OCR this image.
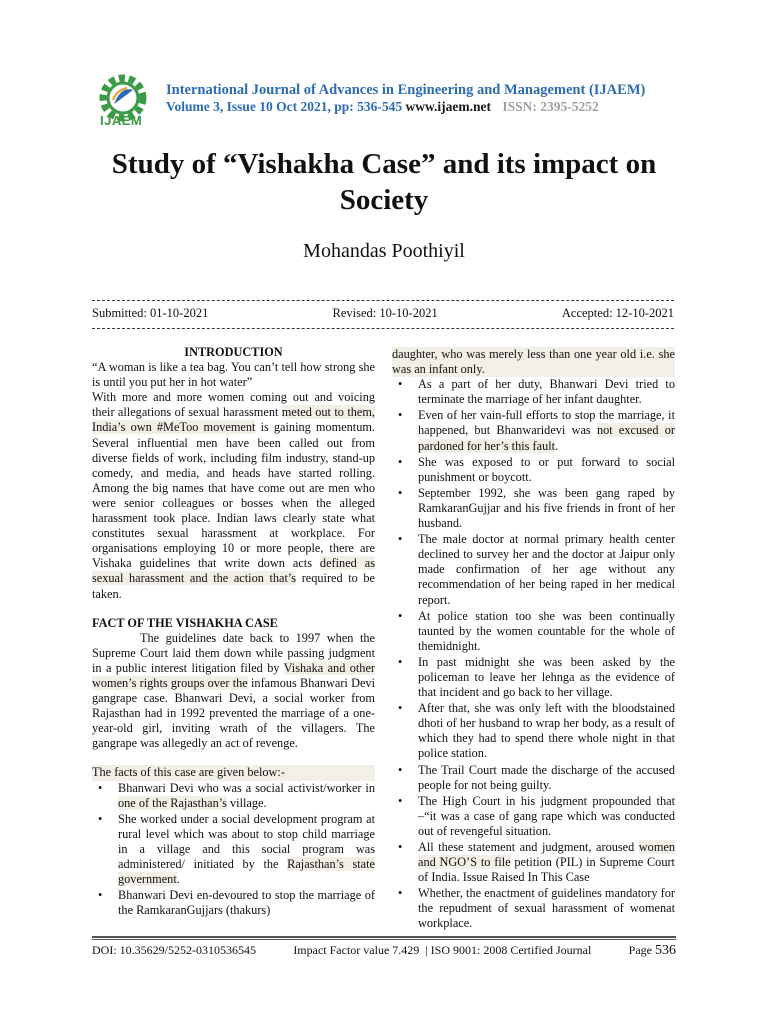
IJAEM
International Journal of Advances in Engineering and Management (IJAEM)
Volume 3, Issue 10 Oct 2021, pp: 536-545 www.ijaem.net ISSN: 2395-5252
Study of “Vishakha Case” and its impact on Society
Mohandas Poothiyil
Submitted: 01-10-2021	Revised: 10-10-2021	Accepted: 12-10-2021

INTRODUCTION

“A woman is like a tea bag. You can’t tell how strong she is until you put her in hot water”

With more and more women coming out and voicing their allegations of sexual harassment meted out to them, India’s own #MeToo movement is gaining momentum. Several influential men have been called out from diverse fields of work, including film industry, stand-up comedy, and media, and heads have started rolling. Among the big names that have come out are men who were senior colleagues or bosses when the alleged harassment took place. Indian laws clearly state what constitutes sexual harassment at workplace. For organisations employing 10 or more people, there are Vishaka guidelines that write down acts defined as sexual harassment and the action that’s required to be taken.

FACT OF THE VISHAKHA CASE

The guidelines date back to 1997 when the Supreme Court laid them down while passing judgment in a public interest litigation filed by Vishaka and other women’s rights groups over the infamous Bhanwari Devi gangrape case. Bhanwari Devi, a social worker from Rajasthan had in 1992 prevented the marriage of a one-year-old girl, inviting wrath of the villagers. The gangrape was allegedly an act of revenge.

The facts of this case are given below:-

• Bhanwari Devi who was a social activist/worker in one of the Rajasthan’s village.
• She worked under a social development program at rural level which was about to stop child marriage in a village and this social program was administered/ initiated by the Rajasthan’s state government.
• Bhanwari Devi en-devoured to stop the marriage of the RamkaranGujjars (thakurs)

daughter, who was merely less than one year old i.e. she was an infant only.

• As a part of her duty, Bhanwari Devi tried to terminate the marriage of her infant daughter.
• Even of her vain-full efforts to stop the marriage, it happened, but Bhanwaridevi was not excused or pardoned for her’s this fault.
• She was exposed to or put forward to social punishment or boycott.
• September 1992, she was been gang raped by RamkaranGujjar and his five friends in front of her husband.
• The male doctor at normal primary health center declined to survey her and the doctor at Jaipur only made confirmation of her age without any recommendation of her being raped in her medical report.
• At police station too she was been continually taunted by the women countable for the whole of themidnight.
• In past midnight she was been asked by the policeman to leave her lehnga as the evidence of that incident and go back to her village.
• After that, she was only left with the bloodstained dhoti of her husband to wrap her body, as a result of which they had to spend there whole night in that police station.
• The Trail Court made the discharge of the accused people for not being guilty.
• The High Court in his judgment propounded that –“it was a case of gang rape which was conducted out of revengeful situation.
• All these statement and judgment, aroused women and NGO’S to file petition (PIL) in Supreme Court of India. Issue Raised In This Case
• Whether, the enactment of guidelines mandatory for the repudment of sexual harassment of womenat workplace.
DOI: 10.35629/5252-0310536545	Impact Factor value 7.429 | ISO 9001: 2008 Certified Journal	Page 536
